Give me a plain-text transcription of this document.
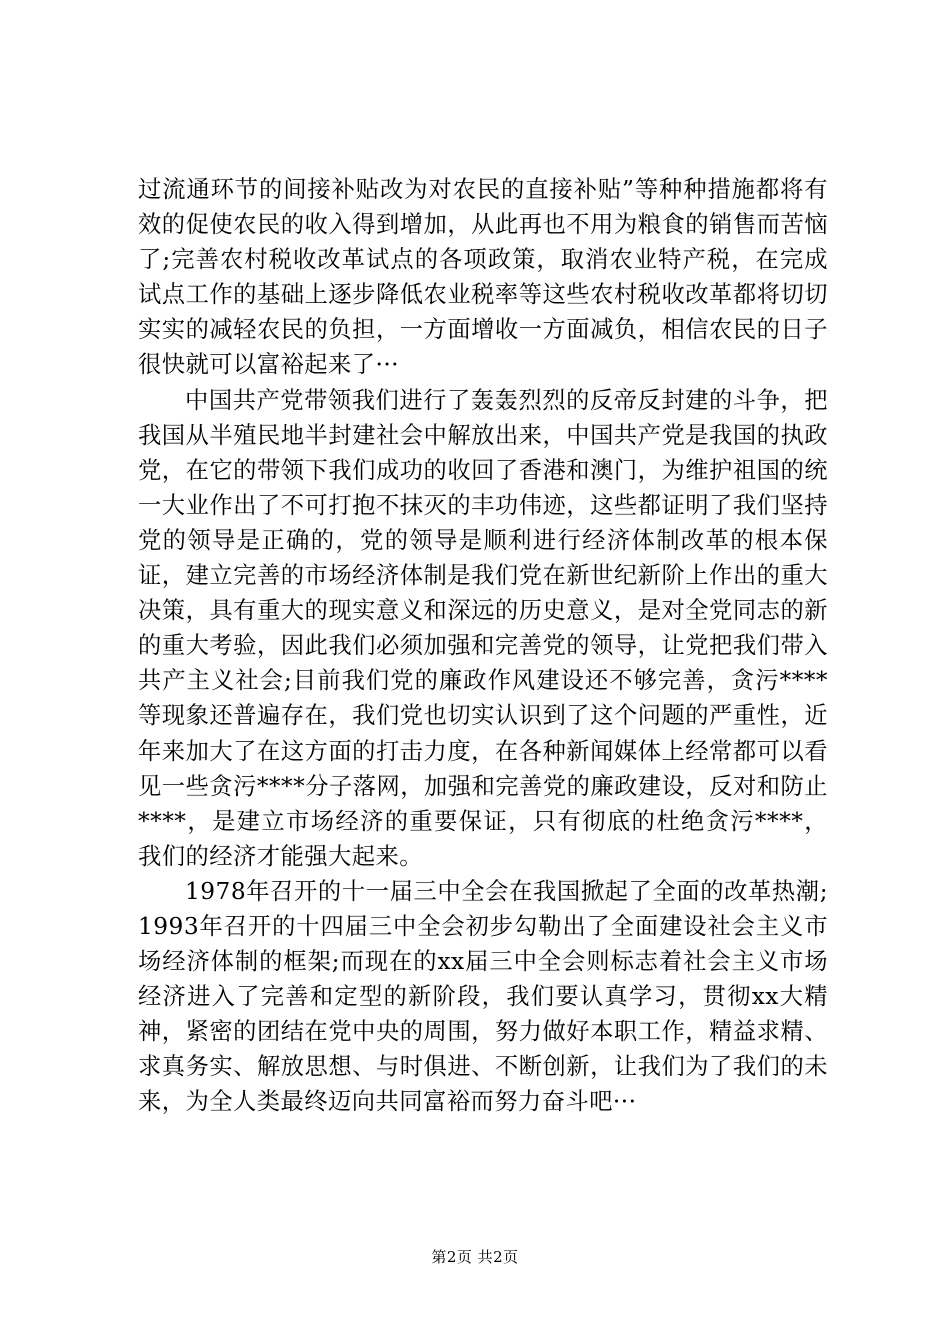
过流通环节的间接补贴改为对农民的直接补贴”等种种措施都将有效的促使农民的收入得到增加，从此再也不用为粮食的销售而苦恼了;完善农村税收改革试点的各项政策，取消农业特产税，在完成试点工作的基础上逐步降低农业税率等这些农村税收改革都将切切实实的减轻农民的负担，一方面增收一方面减负，相信农民的日子很快就可以富裕起来了···

中国共产党带领我们进行了轰轰烈烈的反帝反封建的斗争，把我国从半殖民地半封建社会中解放出来，中国共产党是我国的执政党，在它的带领下我们成功的收回了香港和澳门，为维护祖国的统一大业作出了不可打抱不抹灭的丰功伟迹，这些都证明了我们坚持党的领导是正确的，党的领导是顺利进行经济体制改革的根本保证，建立完善的市场经济体制是我们党在新世纪新阶上作出的重大决策，具有重大的现实意义和深远的历史意义，是对全党同志的新的重大考验，因此我们必须加强和完善党的领导，让党把我们带入共产主义社会;目前我们党的廉政作风建设还不够完善，贪污****等现象还普遍存在，我们党也切实认识到了这个问题的严重性，近年来加大了在这方面的打击力度，在各种新闻媒体上经常都可以看见一些贪污****分子落网，加强和完善党的廉政建设，反对和防止****，是建立市场经济的重要保证，只有彻底的杜绝贪污****，我们的经济才能强大起来。

1978年召开的十一届三中全会在我国掀起了全面的改革热潮;1993年召开的十四届三中全会初步勾勒出了全面建设社会主义市场经济体制的框架;而现在的xx届三中全会则标志着社会主义市场经济进入了完善和定型的新阶段，我们要认真学习，贯彻xx大精神，紧密的团结在党中央的周围，努力做好本职工作，精益求精、求真务实、解放思想、与时俱进、不断创新，让我们为了我们的未来，为全人类最终迈向共同富裕而努力奋斗吧···

第2页 共2页
